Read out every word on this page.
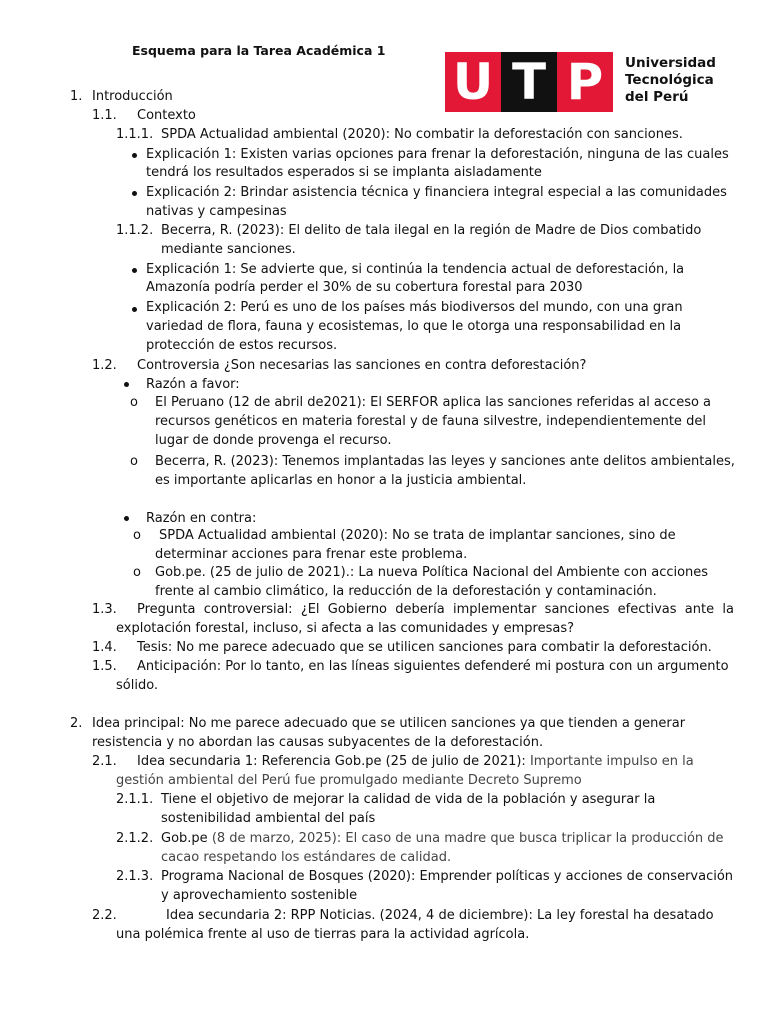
Esquema para la Tarea Académica 1
U T P	Universidad
Tecnológica
del Perú
1. Introducción
1.1. Contexto
1.1.1. SPDA Actualidad ambiental (2020): No combatir la deforestación con sanciones.
Explicación 1: Existen varias opciones para frenar la deforestación, ninguna de las cuales
tendrá los resultados esperados si se implanta aisladamente
Explicación 2: Brindar asistencia técnica y financiera integral especial a las comunidades
nativas y campesinas
1.1.2. Becerra, R. (2023): El delito de tala ilegal en la región de Madre de Dios combatido
mediante sanciones.
Explicación 1: Se advierte que, si continúa la tendencia actual de deforestación, la
Amazonía podría perder el 30% de su cobertura forestal para 2030
Explicación 2: Perú es uno de los países más biodiversos del mundo, con una gran
variedad de flora, fauna y ecosistemas, lo que le otorga una responsabilidad en la
protección de estos recursos.
1.2. Controversia ¿Son necesarias las sanciones en contra deforestación?
Razón a favor:
o El Peruano (12 de abril de2021): El SERFOR aplica las sanciones referidas al acceso a
recursos genéticos en materia forestal y de fauna silvestre, independientemente del
lugar de donde provenga el recurso.
o Becerra, R. (2023): Tenemos implantadas las leyes y sanciones ante delitos ambientales,
es importante aplicarlas en honor a la justicia ambiental.
Razón en contra:
o SPDA Actualidad ambiental (2020): No se trata de implantar sanciones, sino de
determinar acciones para frenar este problema.
o Gob.pe. (25 de julio de 2021).: La nueva Política Nacional del Ambiente con acciones
frente al cambio climático, la reducción de la deforestación y contaminación.
1.3. Pregunta  controversial:  ¿El  Gobierno  debería  implementar  sanciones  efectivas  ante  la
explotación forestal, incluso, si afecta a las comunidades y empresas?
1.4. Tesis: No me parece adecuado que se utilicen sanciones para combatir la deforestación.
1.5. Anticipación: Por lo tanto, en las líneas siguientes defenderé mi postura con un argumento
sólido.
2. Idea principal: No me parece adecuado que se utilicen sanciones ya que tienden a generar
resistencia y no abordan las causas subyacentes de la deforestación.
2.1. Idea secundaria 1: Referencia Gob.pe (25 de julio de 2021): Importante impulso en la
gestión ambiental del Perú fue promulgado mediante Decreto Supremo
2.1.1. Tiene el objetivo de mejorar la calidad de vida de la población y asegurar la
sostenibilidad ambiental del país
2.1.2. Gob.pe (8 de marzo, 2025): El caso de una madre que busca triplicar la producción de
cacao respetando los estándares de calidad.
2.1.3. Programa Nacional de Bosques (2020): Emprender políticas y acciones de conservación
y aprovechamiento sostenible
2.2.	Idea secundaria 2: RPP Noticias. (2024, 4 de diciembre): La ley forestal ha desatado
una polémica frente al uso de tierras para la actividad agrícola.
